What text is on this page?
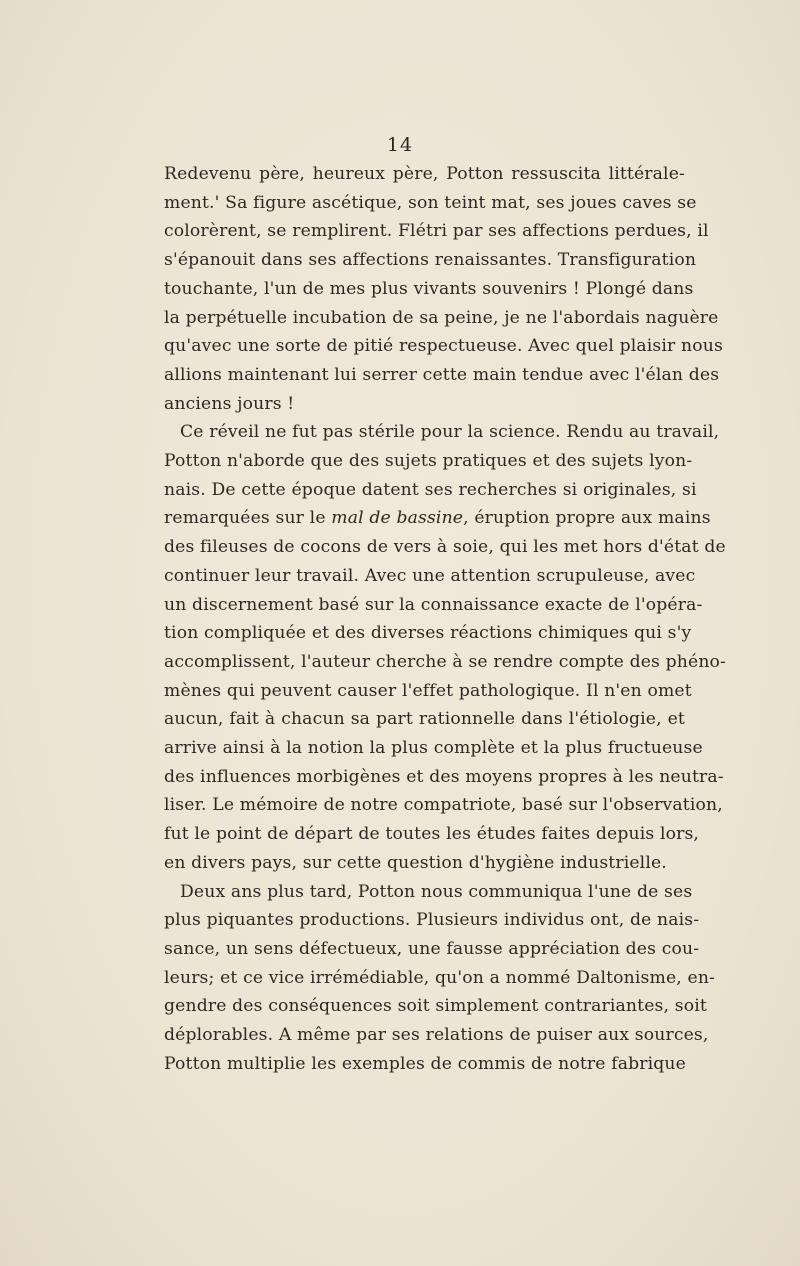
14
Redevenu père, heureux père, Potton ressuscita littérale-
ment.' Sa figure ascétique, son teint mat, ses joues caves se
colorèrent, se remplirent. Flétri par ses affections perdues, il
s'épanouit dans ses affections renaissantes. Transfiguration
touchante, l'un de mes plus vivants souvenirs ! Plongé dans
la perpétuelle incubation de sa peine, je ne l'abordais naguère
qu'avec une sorte de pitié respectueuse. Avec quel plaisir nous
allions maintenant lui serrer cette main tendue avec l'élan des
anciens jours !
Ce réveil ne fut pas stérile pour la science. Rendu au travail,
Potton n'aborde que des sujets pratiques et des sujets lyon-
nais. De cette époque datent ses recherches si originales, si
remarquées sur le mal de bassine, éruption propre aux mains
des fileuses de cocons de vers à soie, qui les met hors d'état de
continuer leur travail. Avec une attention scrupuleuse, avec
un discernement basé sur la connaissance exacte de l'opéra-
tion compliquée et des diverses réactions chimiques qui s'y
accomplissent, l'auteur cherche à se rendre compte des phéno-
mènes qui peuvent causer l'effet pathologique. Il n'en omet
aucun, fait à chacun sa part rationnelle dans l'étiologie, et
arrive ainsi à la notion la plus complète et la plus fructueuse
des influences morbigènes et des moyens propres à les neutra-
liser. Le mémoire de notre compatriote, basé sur l'observation,
fut le point de départ de toutes les études faites depuis lors,
en divers pays, sur cette question d'hygiène industrielle.
Deux ans plus tard, Potton nous communiqua l'une de ses
plus piquantes productions. Plusieurs individus ont, de nais-
sance, un sens défectueux, une fausse appréciation des cou-
leurs; et ce vice irrémédiable, qu'on a nommé Daltonisme, en-
gendre des conséquences soit simplement contrariantes, soit
déplorables. A même par ses relations de puiser aux sources,
Potton multiplie les exemples de commis de notre fabrique
